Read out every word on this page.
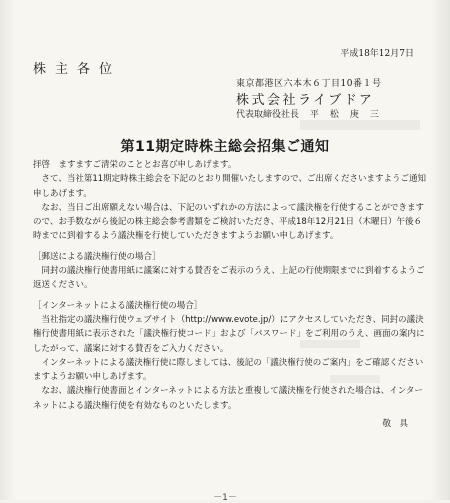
平成18年12月7日
株主各位
東京都港区六本木６丁目10番１号
株式会社ライブドア
代表取締役社長 平松庚三
第11期定時株主総会招集ご通知

拝啓　ますますご清栄のこととお喜び申しあげます。

さて、当社第11期定時株主総会を下記のとおり開催いたしますので、ご出席くださいますようご通知申しあげます。

なお、当日ご出席願えない場合は、下記のいずれかの方法によって議決権を行使することができますので、お手数ながら後記の株主総会参考書類をご検討いただき、平成18年12月21日（木曜日）午後６時までに到着するよう議決権を行使していただきますようお願い申しあげます。

［郵送による議決権行使の場合］

同封の議決権行使書用紙に議案に対する賛否をご表示のうえ、上記の行使期限までに到着するようご返送ください。

［インターネットによる議決権行使の場合］

当社指定の議決権行使ウェブサイト（http://www.evote.jp/）にアクセスしていただき、同封の議決権行使書用紙に表示された「議決権行使コード」および「パスワード」をご利用のうえ、画面の案内にしたがって、議案に対する賛否をご入力ください。

インターネットによる議決権行使に際しましては、後記の「議決権行使のご案内」をご確認くださいますようお願い申しあげます。

なお、議決権行使書面とインターネットによる方法と重複して議決権を行使された場合は、インターネットによる議決権行使を有効なものといたします。

敬　具

－1－
